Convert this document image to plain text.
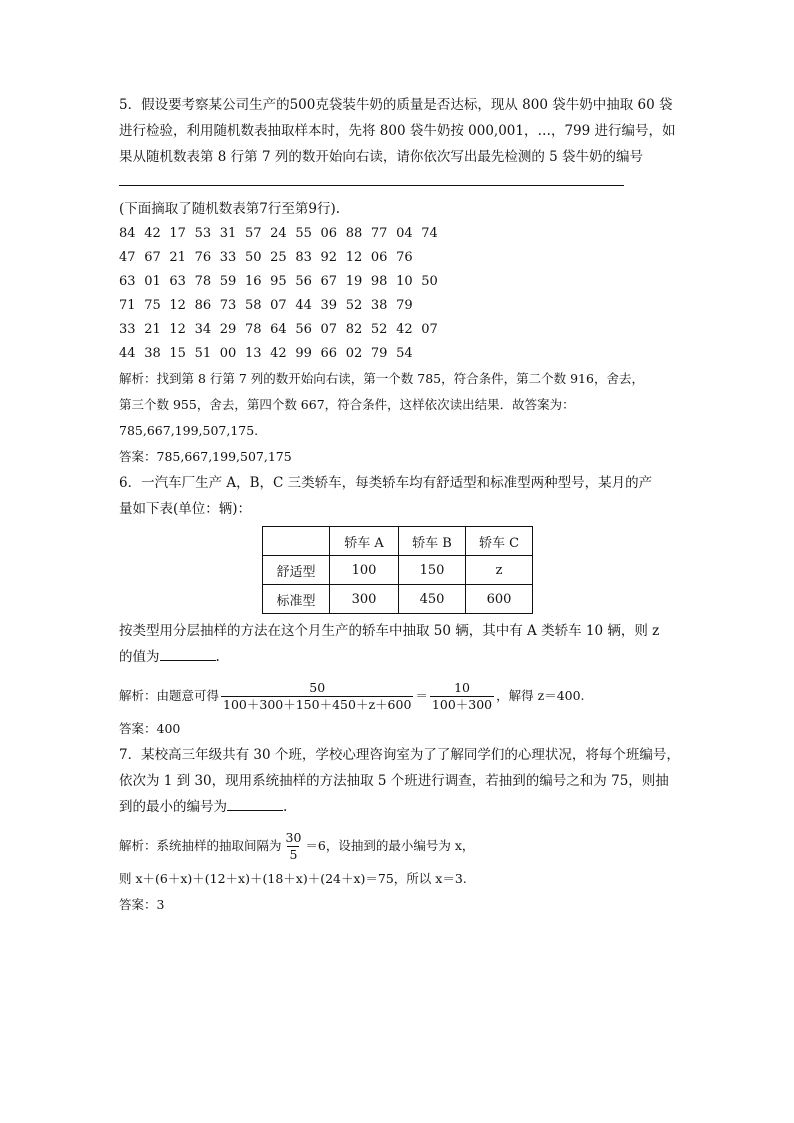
5．假设要考察某公司生产的500克袋装牛奶的质量是否达标，现从 800 袋牛奶中抽取 60 袋
进行检验，利用随机数表抽取样本时，先将 800 袋牛奶按 000,001，…，799 进行编号，如
果从随机数表第 8 行第 7 列的数开始向右读，请你依次写出最先检测的 5 袋牛奶的编号
(下面摘取了随机数表第7行至第9行).
84 42 17 53 31 57 24 55 06 88 77 04 74
47 67 21 76 33 50 25 83 92 12 06 76
63 01 63 78 59 16 95 56 67 19 98 10 50
71 75 12 86 73 58 07 44 39 52 38 79
33 21 12 34 29 78 64 56 07 82 52 42 07
44 38 15 51 00 13 42 99 66 02 79 54
解析：找到第 8 行第 7 列的数开始向右读，第一个数 785，符合条件，第二个数 916，舍去，
第三个数 955，舍去，第四个数 667，符合条件，这样依次读出结果．故答案为：
785,667,199,507,175.
答案：785,667,199,507,175
6．一汽车厂生产 A，B，C 三类轿车，每类轿车均有舒适型和标准型两种型号，某月的产
量如下表(单位：辆)：
	轿车 A	轿车 B	轿车 C
舒适型	100	150	z
标准型	300	450	600
按类型用分层抽样的方法在这个月生产的轿车中抽取 50 辆，其中有 A 类轿车 10 辆，则 z
的值为	.
解析：由题意可得 $\frac{50}{100+300+150+450+z+600} = \frac{10}{100+300}$ ，解得 z＝400.
答案：400
7．某校高三年级共有 30 个班，学校心理咨询室为了了解同学们的心理状况，将每个班编号，
依次为 1 到 30，现用系统抽样的方法抽取 5 个班进行调查，若抽到的编号之和为 75，则抽
到的最小的编号为	.
解析：系统抽样的抽取间隔为 $\frac{30}{5} =6$，设抽到的最小编号为 x，
则 x＋(6＋x)＋(12＋x)＋(18＋x)＋(24＋x)＝75，所以 x＝3.
答案：3
